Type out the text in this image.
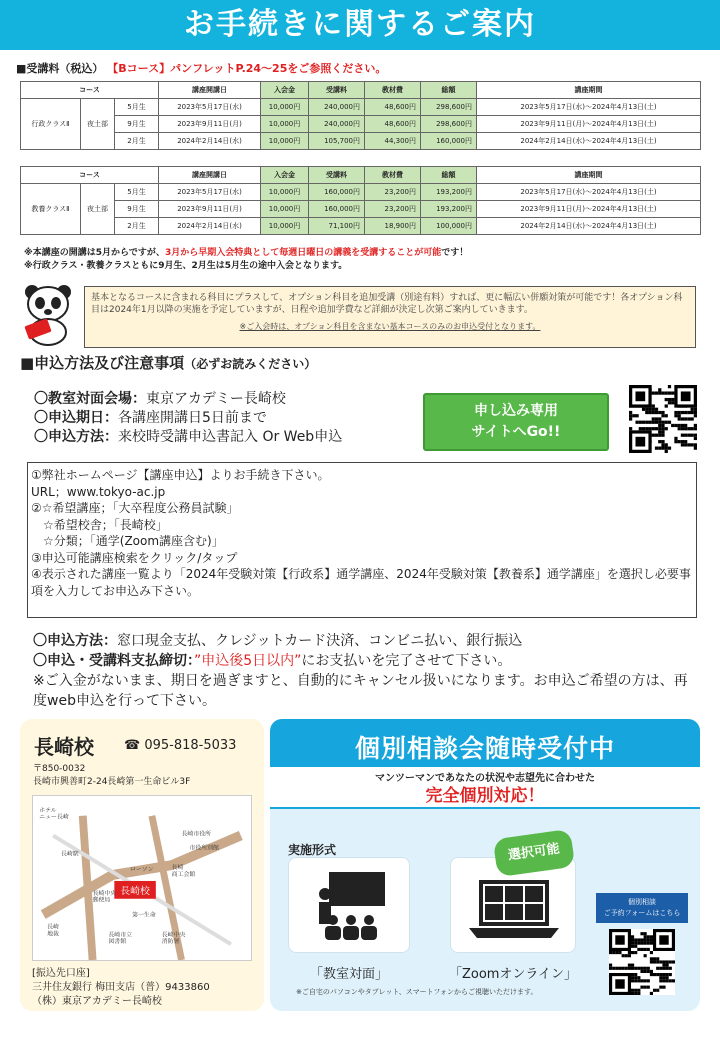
お手続きに関するご案内
■受講料（税込） 【Bコース】パンフレットP.24～25をご参照ください。
コース			講座開講日	入会金	受講料	教材費	総額	講座期間
行政クラスⅡ	夜土部	5月生	2023年5月17日(水)	10,000円	240,000円	48,600円	298,600円	2023年5月17日(水)～2024年4月13日(土)
		9月生	2023年9月11日(月)	10,000円	240,000円	48,600円	298,600円	2023年9月11日(月)～2024年4月13日(土)
		2月生	2024年2月14日(水)	10,000円	105,700円	44,300円	160,000円	2024年2月14日(水)～2024年4月13日(土)
コース			講座開講日	入会金	受講料	教材費	総額	講座期間
教養クラスⅡ	夜土部	5月生	2023年5月17日(水)	10,000円	160,000円	23,200円	193,200円	2023年5月17日(水)～2024年4月13日(土)
		9月生	2023年9月11日(月)	10,000円	160,000円	23,200円	193,200円	2023年9月11日(月)～2024年4月13日(土)
		2月生	2024年2月14日(水)	10,000円	71,100円	18,900円	100,000円	2024年2月14日(水)～2024年4月13日(土)
※本講座の開講は5月からですが、3月から早期入会特典として毎週日曜日の講義を受講することが可能です！
※行政クラス・教養クラスともに9月生、2月生は5月生の途中入会となります。
基本となるコースに含まれる科目にプラスして、オプション科目を追加受講（別途有料）すれば、更に幅広い併願対策が可能です！各オプション科目は2024年1月以降の実施を予定していますが、日程や追加学費など詳細が決定し次第ご案内していきます。
※ご入会時は、オプション科目を含まない基本コースのみのお申込受付となります。
■申込方法及び注意事項（必ずお読みください）
〇教室対面会場：東京アカデミー長崎校
〇申込期日：各講座開講日5日前まで
〇申込方法：来校時受講申込書記入 Or Web申込
申し込み専用
サイトへGo!!
①弊社ホームページ【講座申込】よりお手続き下さい。
URL；www.tokyo-ac.jp
②☆希望講座；「大卒程度公務員試験」
　☆希望校舎；「長崎校」
　☆分類；「通学(Zoom講座含む)」
③申込可能講座検索をクリック/タップ
④表示された講座一覧より「2024年受験対策【行政系】通学講座、2024年受験対策【教養系】通学講座」を選択し必要事項を入力してお申込み下さい。
〇申込方法：窓口現金支払、クレジットカード決済、コンビニ払い、銀行振込
〇申込・受講料支払締切：”申込後5日以内”にお支払いを完了させて下さい。
※ご入金がないまま、期日を過ぎますと、自動的にキャンセル扱いになります。お申込ご希望の方は、再度web申込を行って下さい。
長崎校 ☎ 095-818-5033
〒850-0032
長崎市興善町2-24長崎第一生命ビル3F
長崎校
ホテルニュー長崎
長崎駅
ローソン
長崎中央郵便局
長崎市役所
市役所別館
長崎商工会館
第一生命
長崎市立図書館
長崎中央消防署
長崎地裁
[振込先口座]
三井住友銀行 梅田支店（普）9433860
（株）東京アカデミー長崎校
個別相談会随時受付中
マンツーマンであなたの状況や志望先に合わせた
完全個別対応！
実施形式	選択可能
「教室対面」	「Zoomオンライン」
※ご自宅のパソコンやタブレット、スマートフォンからご視聴いただけます。
個別相談
ご予約フォームはこちら
